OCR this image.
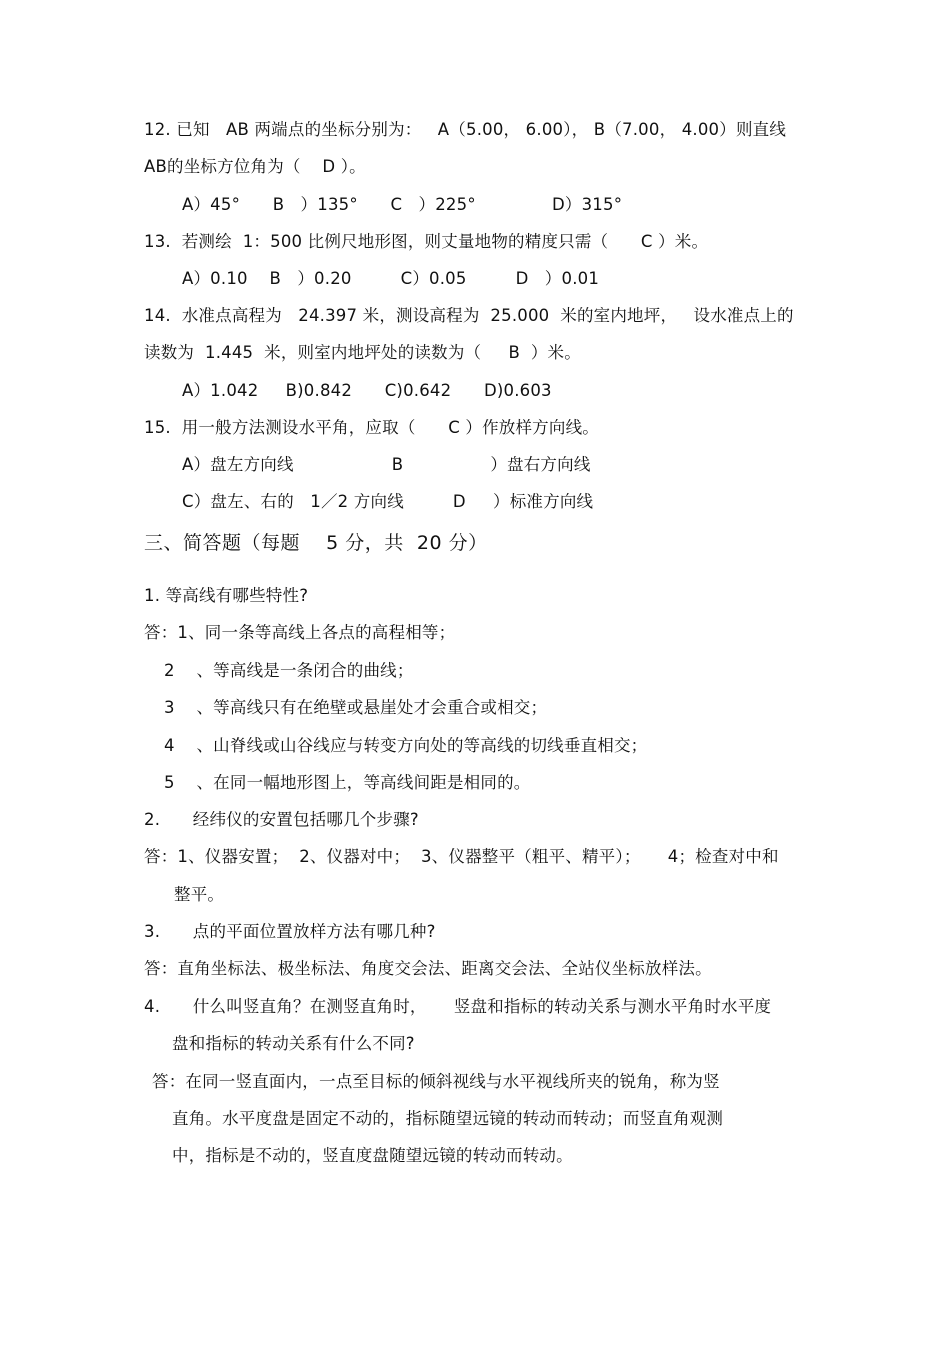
12. 已知   AB 两端点的坐标分别为：   A（5.00， 6.00）， B（7.00， 4.00）则直线
AB的坐标方位角为（    D ）。
A）45°      B   ）135°      C   ）225°              D）315°
13.  若测绘  1：500 比例尺地形图，则丈量地物的精度只需（      C ）米。
A）0.10    B   ）0.20         C）0.05         D   ）0.01
14.  水准点高程为   24.397 米，测设高程为  25.000  米的室内地坪，   设水准点上的
读数为  1.445  米，则室内地坪处的读数为（     B  ）米。
A）1.042     B)0.842      C)0.642      D)0.603
15.  用一般方法测设水平角，应取（      C ）作放样方向线。
A）盘左方向线                  B                ）盘右方向线
C）盘左、右的   1／2 方向线         D     ）标准方向线
三、简答题（每题    5 分，共  20 分）
1. 等高线有哪些特性?
答：1、同一条等高线上各点的高程相等；
2    、等高线是一条闭合的曲线；
3    、等高线只有在绝壁或悬崖处才会重合或相交；
4    、山脊线或山谷线应与转变方向处的等高线的切线垂直相交；
5    、在同一幅地形图上，等高线间距是相同的。
2.      经纬仪的安置包括哪几个步骤?
答：1、仪器安置；  2、仪器对中；  3、仪器整平（粗平、精平）；     4；检查对中和
整平。
3.      点的平面位置放样方法有哪几种?
答：直角坐标法、极坐标法、角度交会法、距离交会法、全站仪坐标放样法。
4.      什么叫竖直角？在测竖直角时，     竖盘和指标的转动关系与测水平角时水平度
盘和指标的转动关系有什么不同?
答：在同一竖直面内，一点至目标的倾斜视线与水平视线所夹的锐角，称为竖
直角。水平度盘是固定不动的，指标随望远镜的转动而转动；而竖直角观测
中，指标是不动的，竖直度盘随望远镜的转动而转动。
